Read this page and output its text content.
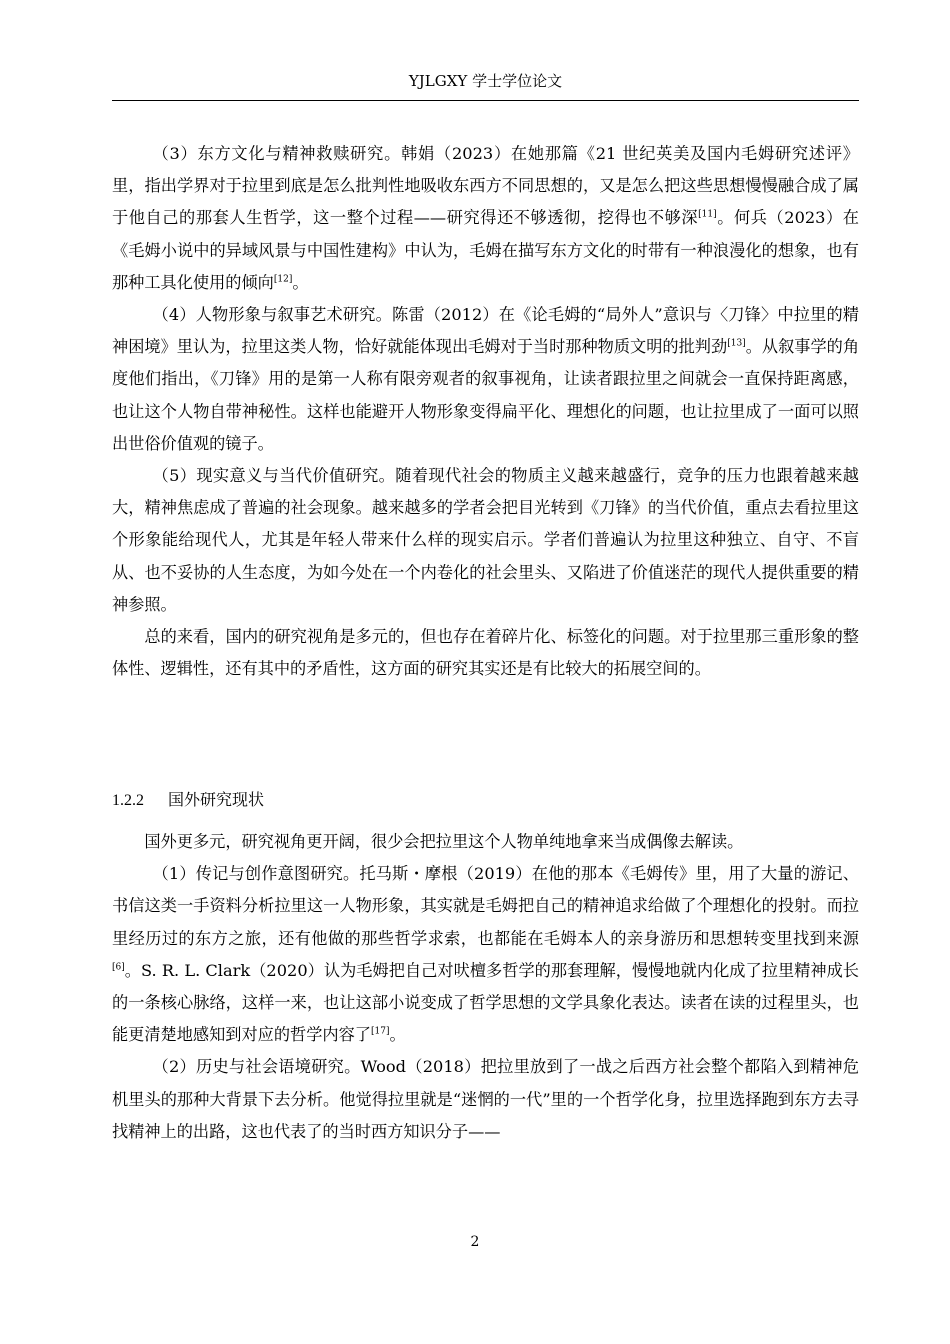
YJLGXY 学士学位论文

（3）东方文化与精神救赎研究。韩娟（2023）在她那篇《21 世纪英美及国内毛姆研究述评》里，指出学界对于拉里到底是怎么批判性地吸收东西方不同思想的，又是怎么把这些思想慢慢融合成了属于他自己的那套人生哲学，这一整个过程——研究得还不够透彻，挖得也不够深[11]。何兵（2023）在《毛姆小说中的异域风景与中国性建构》中认为，毛姆在描写东方文化的时带有一种浪漫化的想象，也有那种工具化使用的倾向[12]。

（4）人物形象与叙事艺术研究。陈雷（2012）在《论毛姆的“局外人”意识与〈刀锋〉中拉里的精神困境》里认为，拉里这类人物，恰好就能体现出毛姆对于当时那种物质文明的批判劲[13]。从叙事学的角度他们指出，《刀锋》用的是第一人称有限旁观者的叙事视角，让读者跟拉里之间就会一直保持距离感，也让这个人物自带神秘性。这样也能避开人物形象变得扁平化、理想化的问题，也让拉里成了一面可以照出世俗价值观的镜子。

（5）现实意义与当代价值研究。随着现代社会的物质主义越来越盛行，竞争的压力也跟着越来越大，精神焦虑成了普遍的社会现象。越来越多的学者会把目光转到《刀锋》的当代价值，重点去看拉里这个形象能给现代人，尤其是年轻人带来什么样的现实启示。学者们普遍认为拉里这种独立、自守、不盲从、也不妥协的人生态度，为如今处在一个内卷化的社会里头、又陷进了价值迷茫的现代人提供重要的精神参照。

总的来看，国内的研究视角是多元的，但也存在着碎片化、标签化的问题。对于拉里那三重形象的整体性、逻辑性，还有其中的矛盾性，这方面的研究其实还是有比较大的拓展空间的。

1.2.2 国外研究现状

国外更多元，研究视角更开阔，很少会把拉里这个人物单纯地拿来当成偶像去解读。

（1）传记与创作意图研究。托马斯・摩根（2019）在他的那本《毛姆传》里，用了大量的游记、书信这类一手资料分析拉里这一人物形象，其实就是毛姆把自己的精神追求给做了个理想化的投射。而拉里经历过的东方之旅，还有他做的那些哲学求索，也都能在毛姆本人的亲身游历和思想转变里找到来源[6]。S. R. L. Clark（2020）认为毛姆把自己对吠檀多哲学的那套理解，慢慢地就内化成了拉里精神成长的一条核心脉络，这样一来，也让这部小说变成了哲学思想的文学具象化表达。读者在读的过程里头，也能更清楚地感知到对应的哲学内容了[17]。

（2）历史与社会语境研究。Wood（2018）把拉里放到了一战之后西方社会整个都陷入到精神危机里头的那种大背景下去分析。他觉得拉里就是“迷惘的一代”里的一个哲学化身，拉里选择跑到东方去寻找精神上的出路，这也代表了的当时西方知识分子——

2
